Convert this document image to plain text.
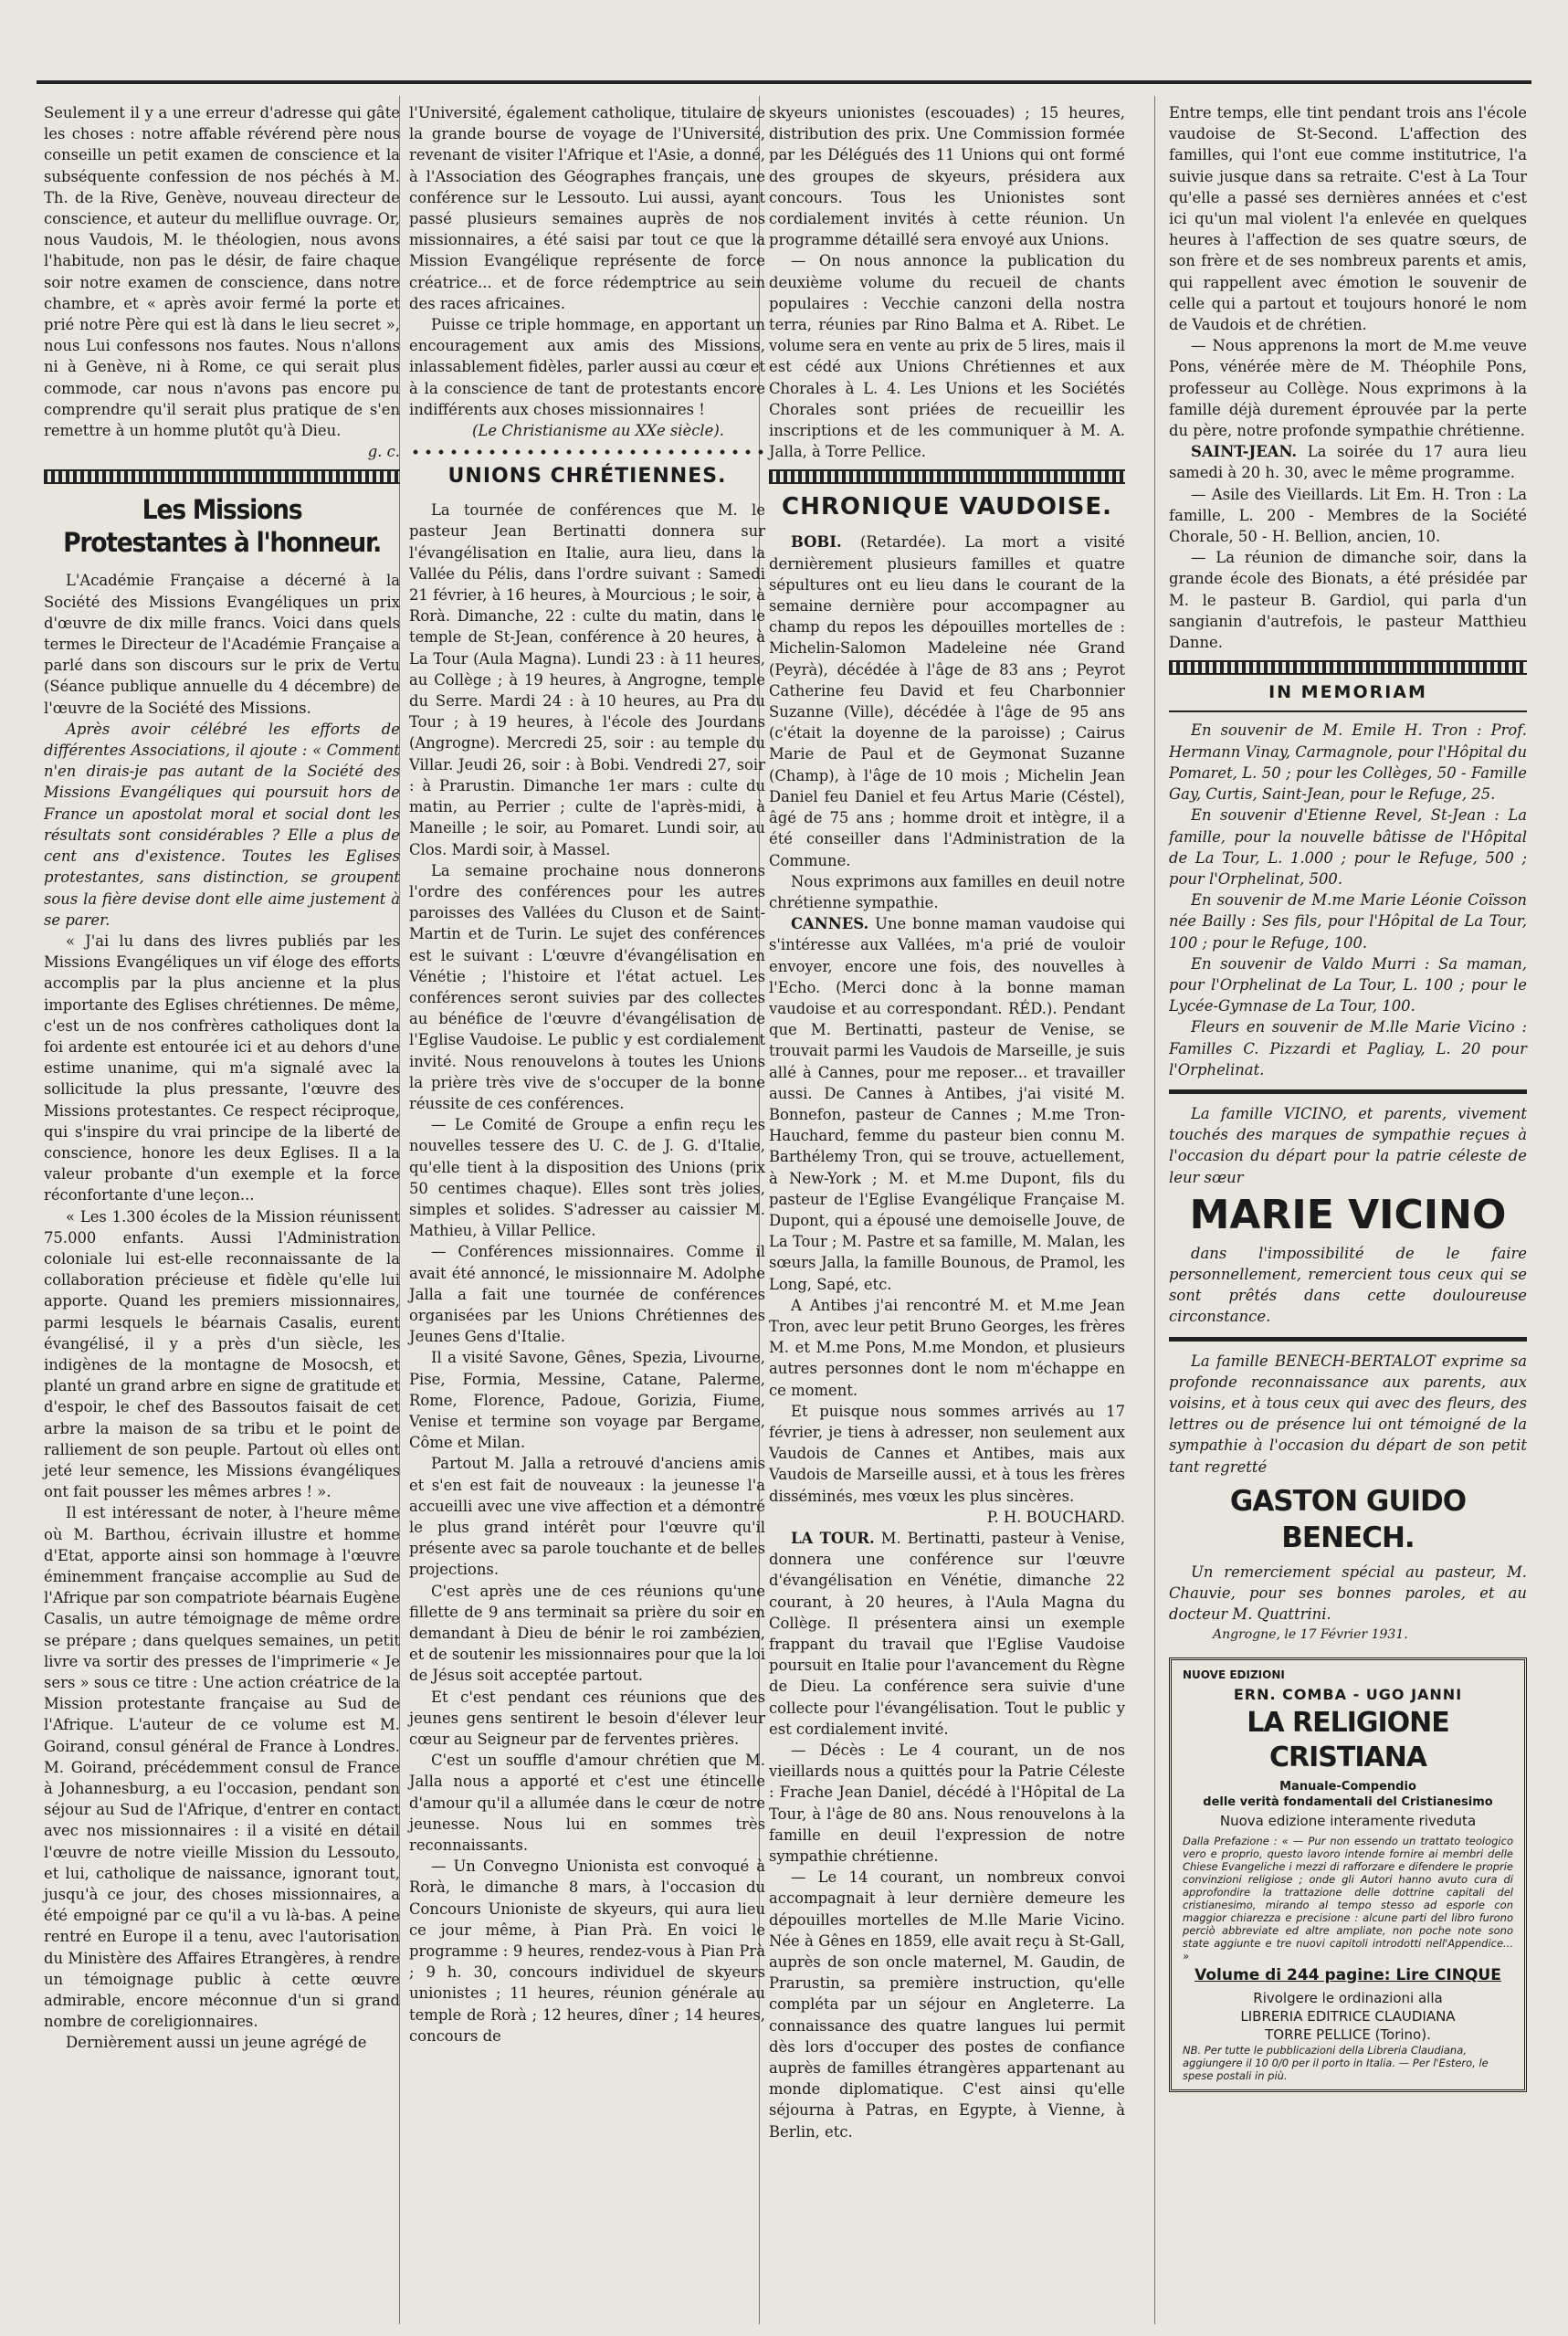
Seulement il y a une erreur d'adresse qui gâte les choses : notre affable révérend père nous conseille un petit examen de conscience et la subséquente confession de nos péchés à M. Th. de la Rive, Genève, nouveau directeur de conscience, et auteur du melliflue ouvrage. Or, nous Vaudois, M. le théologien, nous avons l'habitude, non pas le désir, de faire chaque soir notre examen de conscience, dans notre chambre, et « après avoir fermé la porte et prié notre Père qui est là dans le lieu secret », nous Lui confessons nos fautes. Nous n'allons ni à Genève, ni à Rome, ce qui serait plus commode, car nous n'avons pas encore pu comprendre qu'il serait plus pratique de s'en remettre à un homme plutôt qu'à Dieu.

g. c.

Les Missions Protestantes à l'honneur.

L'Académie Française a décerné à la Société des Missions Evangéliques un prix d'œuvre de dix mille francs. Voici dans quels termes le Directeur de l'Académie Française a parlé dans son discours sur le prix de Vertu (Séance publique annuelle du 4 décembre) de l'œuvre de la Société des Missions.

Après avoir célébré les efforts de différentes Associations, il ajoute : « Comment n'en dirais-je pas autant de la Société des Missions Evangéliques qui poursuit hors de France un apostolat moral et social dont les résultats sont considérables ? Elle a plus de cent ans d'existence. Toutes les Eglises protestantes, sans distinction, se groupent sous la fière devise dont elle aime justement à se parer.

« J'ai lu dans des livres publiés par les Missions Evangéliques un vif éloge des efforts accomplis par la plus ancienne et la plus importante des Eglises chrétiennes. De même, c'est un de nos confrères catholiques dont la foi ardente est entourée ici et au dehors d'une estime unanime, qui m'a signalé avec la sollicitude la plus pressante, l'œuvre des Missions protestantes. Ce respect réciproque, qui s'inspire du vrai principe de la liberté de conscience, honore les deux Eglises. Il a la valeur probante d'un exemple et la force réconfortante d'une leçon...

« Les 1.300 écoles de la Mission réunissent 75.000 enfants. Aussi l'Administration coloniale lui est-elle reconnaissante de la collaboration précieuse et fidèle qu'elle lui apporte. Quand les premiers missionnaires, parmi lesquels le béarnais Casalis, eurent évangélisé, il y a près d'un siècle, les indigènes de la montagne de Mosocsh, et planté un grand arbre en signe de gratitude et d'espoir, le chef des Bassoutos faisait de cet arbre la maison de sa tribu et le point de ralliement de son peuple. Partout où elles ont jeté leur semence, les Missions évangéliques ont fait pousser les mêmes arbres ! ».

Il est intéressant de noter, à l'heure même où M. Barthou, écrivain illustre et homme d'Etat, apporte ainsi son hommage à l'œuvre éminemment française accomplie au Sud de l'Afrique par son compatriote béarnais Eugène Casalis, un autre témoignage de même ordre se prépare ; dans quelques semaines, un petit livre va sortir des presses de l'imprimerie « Je sers » sous ce titre : Une action créatrice de la Mission protestante française au Sud de l'Afrique. L'auteur de ce volume est M. Goirand, consul général de France à Londres. M. Goirand, précédemment consul de France à Johannesburg, a eu l'occasion, pendant son séjour au Sud de l'Afrique, d'entrer en contact avec nos missionnaires : il a visité en détail l'œuvre de notre vieille Mission du Lessouto, et lui, catholique de naissance, ignorant tout, jusqu'à ce jour, des choses missionnaires, a été empoigné par ce qu'il a vu là-bas. A peine rentré en Europe il a tenu, avec l'autorisation du Ministère des Affaires Etrangères, à rendre un témoignage public à cette œuvre admirable, encore méconnue d'un si grand nombre de coreligionnaires.

Dernièrement aussi un jeune agrégé de

l'Université, également catholique, titulaire de la grande bourse de voyage de l'Université, revenant de visiter l'Afrique et l'Asie, a donné, à l'Association des Géographes français, une conférence sur le Lessouto. Lui aussi, ayant passé plusieurs semaines auprès de nos missionnaires, a été saisi par tout ce que la Mission Evangélique représente de force créatrice... et de force rédemptrice au sein des races africaines.

Puisse ce triple hommage, en apportant un encouragement aux amis des Missions, inlassablement fidèles, parler aussi au cœur et à la conscience de tant de protestants encore indifférents aux choses missionnaires !

(Le Christianisme au XXe siècle).

UNIONS CHRÉTIENNES.

La tournée de conférences que M. le pasteur Jean Bertinatti donnera sur l'évangélisation en Italie, aura lieu, dans la Vallée du Pélis, dans l'ordre suivant : Samedi 21 février, à 16 heures, à Mourcious ; le soir, à Rorà. Dimanche, 22 : culte du matin, dans le temple de St-Jean, conférence à 20 heures, à La Tour (Aula Magna). Lundi 23 : à 11 heures, au Collège ; à 19 heures, à Angrogne, temple du Serre. Mardi 24 : à 10 heures, au Pra du Tour ; à 19 heures, à l'école des Jourdans (Angrogne). Mercredi 25, soir : au temple du Villar. Jeudi 26, soir : à Bobi. Vendredi 27, soir : à Prarustin. Dimanche 1er mars : culte du matin, au Perrier ; culte de l'après-midi, à Maneille ; le soir, au Pomaret. Lundi soir, au Clos. Mardi soir, à Massel.

La semaine prochaine nous donnerons l'ordre des conférences pour les autres paroisses des Vallées du Cluson et de Saint-Martin et de Turin. Le sujet des conférences est le suivant : L'œuvre d'évangélisation en Vénétie ; l'histoire et l'état actuel. Les conférences seront suivies par des collectes au bénéfice de l'œuvre d'évangélisation de l'Eglise Vaudoise. Le public y est cordialement invité. Nous renouvelons à toutes les Unions la prière très vive de s'occuper de la bonne réussite de ces conférences.

— Le Comité de Groupe a enfin reçu les nouvelles tessere des U. C. de J. G. d'Italie, qu'elle tient à la disposition des Unions (prix 50 centimes chaque). Elles sont très jolies, simples et solides. S'adresser au caissier M. Mathieu, à Villar Pellice.

— Conférences missionnaires. Comme il avait été annoncé, le missionnaire M. Adolphe Jalla a fait une tournée de conférences organisées par les Unions Chrétiennes des Jeunes Gens d'Italie.

Il a visité Savone, Gênes, Spezia, Livourne, Pise, Formia, Messine, Catane, Palerme, Rome, Florence, Padoue, Gorizia, Fiume, Venise et termine son voyage par Bergame, Côme et Milan.

Partout M. Jalla a retrouvé d'anciens amis et s'en est fait de nouveaux : la jeunesse l'a accueilli avec une vive affection et a démontré le plus grand intérêt pour l'œuvre qu'il présente avec sa parole touchante et de belles projections.

C'est après une de ces réunions qu'une fillette de 9 ans terminait sa prière du soir en demandant à Dieu de bénir le roi zambézien, et de soutenir les missionnaires pour que la loi de Jésus soit acceptée partout.

Et c'est pendant ces réunions que des jeunes gens sentirent le besoin d'élever leur cœur au Seigneur par de ferventes prières.

C'est un souffle d'amour chrétien que M. Jalla nous a apporté et c'est une étincelle d'amour qu'il a allumée dans le cœur de notre jeunesse. Nous lui en sommes très reconnaissants.

— Un Convegno Unionista est convoqué à Rorà, le dimanche 8 mars, à l'occasion du Concours Unioniste de skyeurs, qui aura lieu ce jour même, à Pian Prà. En voici le programme : 9 heures, rendez-vous à Pian Prà ; 9 h. 30, concours individuel de skyeurs unionistes ; 11 heures, réunion générale au temple de Rorà ; 12 heures, dîner ; 14 heures, concours de

skyeurs unionistes (escouades) ; 15 heures, distribution des prix. Une Commission formée par les Délégués des 11 Unions qui ont formé des groupes de skyeurs, présidera aux concours. Tous les Unionistes sont cordialement invités à cette réunion. Un programme détaillé sera envoyé aux Unions.

— On nous annonce la publication du deuxième volume du recueil de chants populaires : Vecchie canzoni della nostra terra, réunies par Rino Balma et A. Ribet. Le volume sera en vente au prix de 5 lires, mais il est cédé aux Unions Chrétiennes et aux Chorales à L. 4. Les Unions et les Sociétés Chorales sont priées de recueillir les inscriptions et de les communiquer à M. A. Jalla, à Torre Pellice.

CHRONIQUE VAUDOISE.

BOBI. (Retardée). La mort a visité dernièrement plusieurs familles et quatre sépultures ont eu lieu dans le courant de la semaine dernière pour accompagner au champ du repos les dépouilles mortelles de : Michelin-Salomon Madeleine née Grand (Peyrà), décédée à l'âge de 83 ans ; Peyrot Catherine feu David et feu Charbonnier Suzanne (Ville), décédée à l'âge de 95 ans (c'était la doyenne de la paroisse) ; Cairus Marie de Paul et de Geymonat Suzanne (Champ), à l'âge de 10 mois ; Michelin Jean Daniel feu Daniel et feu Artus Marie (Céstel), âgé de 75 ans ; homme droit et intègre, il a été conseiller dans l'Administration de la Commune.

Nous exprimons aux familles en deuil notre chrétienne sympathie.

CANNES. Une bonne maman vaudoise qui s'intéresse aux Vallées, m'a prié de vouloir envoyer, encore une fois, des nouvelles à l'Echo. (Merci donc à la bonne maman vaudoise et au correspondant. RÉD.). Pendant que M. Bertinatti, pasteur de Venise, se trouvait parmi les Vaudois de Marseille, je suis allé à Cannes, pour me reposer... et travailler aussi. De Cannes à Antibes, j'ai visité M. Bonnefon, pasteur de Cannes ; M.me Tron-Hauchard, femme du pasteur bien connu M. Barthélemy Tron, qui se trouve, actuellement, à New-York ; M. et M.me Dupont, fils du pasteur de l'Eglise Evangélique Française M. Dupont, qui a épousé une demoiselle Jouve, de La Tour ; M. Pastre et sa famille, M. Malan, les sœurs Jalla, la famille Bounous, de Pramol, les Long, Sapé, etc.

A Antibes j'ai rencontré M. et M.me Jean Tron, avec leur petit Bruno Georges, les frères M. et M.me Pons, M.me Mondon, et plusieurs autres personnes dont le nom m'échappe en ce moment.

Et puisque nous sommes arrivés au 17 février, je tiens à adresser, non seulement aux Vaudois de Cannes et Antibes, mais aux Vaudois de Marseille aussi, et à tous les frères disséminés, mes vœux les plus sincères.

P. H. BOUCHARD.

LA TOUR. M. Bertinatti, pasteur à Venise, donnera une conférence sur l'œuvre d'évangélisation en Vénétie, dimanche 22 courant, à 20 heures, à l'Aula Magna du Collège. Il présentera ainsi un exemple frappant du travail que l'Eglise Vaudoise poursuit en Italie pour l'avancement du Règne de Dieu. La conférence sera suivie d'une collecte pour l'évangélisation. Tout le public y est cordialement invité.

— Décès : Le 4 courant, un de nos vieillards nous a quittés pour la Patrie Céleste : Frache Jean Daniel, décédé à l'Hôpital de La Tour, à l'âge de 80 ans. Nous renouvelons à la famille en deuil l'expression de notre sympathie chrétienne.

— Le 14 courant, un nombreux convoi accompagnait à leur dernière demeure les dépouilles mortelles de M.lle Marie Vicino. Née à Gênes en 1859, elle avait reçu à St-Gall, auprès de son oncle maternel, M. Gaudin, de Prarustin, sa première instruction, qu'elle compléta par un séjour en Angleterre. La connaissance des quatre langues lui permit dès lors d'occuper des postes de confiance auprès de familles étrangères appartenant au monde diplomatique. C'est ainsi qu'elle séjourna à Patras, en Egypte, à Vienne, à Berlin, etc.

Entre temps, elle tint pendant trois ans l'école vaudoise de St-Second. L'affection des familles, qui l'ont eue comme institutrice, l'a suivie jusque dans sa retraite. C'est à La Tour qu'elle a passé ses dernières années et c'est ici qu'un mal violent l'a enlevée en quelques heures à l'affection de ses quatre sœurs, de son frère et de ses nombreux parents et amis, qui rappellent avec émotion le souvenir de celle qui a partout et toujours honoré le nom de Vaudois et de chrétien.

— Nous apprenons la mort de M.me veuve Pons, vénérée mère de M. Théophile Pons, professeur au Collège. Nous exprimons à la famille déjà durement éprouvée par la perte du père, notre profonde sympathie chrétienne.

SAINT-JEAN. La soirée du 17 aura lieu samedi à 20 h. 30, avec le même programme.

— Asile des Vieillards. Lit Em. H. Tron : La famille, L. 200 - Membres de la Société Chorale, 50 - H. Bellion, ancien, 10.

— La réunion de dimanche soir, dans la grande école des Bionats, a été présidée par M. le pasteur B. Gardiol, qui parla d'un sangianin d'autrefois, le pasteur Matthieu Danne.

IN MEMORIAM

En souvenir de M. Emile H. Tron : Prof. Hermann Vinay, Carmagnole, pour l'Hôpital du Pomaret, L. 50 ; pour les Collèges, 50 - Famille Gay, Curtis, Saint-Jean, pour le Refuge, 25.

En souvenir d'Etienne Revel, St-Jean : La famille, pour la nouvelle bâtisse de l'Hôpital de La Tour, L. 1.000 ; pour le Refuge, 500 ; pour l'Orphelinat, 500.

En souvenir de M.me Marie Léonie Coïsson née Bailly : Ses fils, pour l'Hôpital de La Tour, 100 ; pour le Refuge, 100.

En souvenir de Valdo Murri : Sa maman, pour l'Orphelinat de La Tour, L. 100 ; pour le Lycée-Gymnase de La Tour, 100.

Fleurs en souvenir de M.lle Marie Vicino : Familles C. Pizzardi et Pagliay, L. 20 pour l'Orphelinat.

La famille VICINO, et parents, vivement touchés des marques de sympathie reçues à l'occasion du départ pour la patrie céleste de leur sœur

MARIE VICINO

dans l'impossibilité de le faire personnellement, remercient tous ceux qui se sont prêtés dans cette douloureuse circonstance.

La famille BENECH-BERTALOT exprime sa profonde reconnaissance aux parents, aux voisins, et à tous ceux qui avec des fleurs, des lettres ou de présence lui ont témoigné de la sympathie à l'occasion du départ de son petit tant regretté

GASTON GUIDO BENECH.

Un remerciement spécial au pasteur, M. Chauvie, pour ses bonnes paroles, et au docteur M. Quattrini.

Angrogne, le 17 Février 1931.

NUOVE EDIZIONI
ERN. COMBA - UGO JANNI
LA RELIGIONE CRISTIANA
Manuale-Compendio
delle verità fondamentali del Cristianesimo
Nuova edizione interamente riveduta
Dalla Prefazione : « — Pur non essendo un trattato teologico vero e proprio, questo lavoro intende fornire ai membri delle Chiese Evangeliche i mezzi di rafforzare e difendere le proprie convinzioni religiose ; onde gli Autori hanno avuto cura di approfondire la trattazione delle dottrine capitali del cristianesimo, mirando al tempo stesso ad esporle con maggior chiarezza e precisione : alcune parti del libro furono perciò abbreviate ed altre ampliate, non poche note sono state aggiunte e tre nuovi capitoli introdotti nell'Appendice... »
Volume di 244 pagine: Lire CINQUE
Rivolgere le ordinazioni alla
LIBRERIA EDITRICE CLAUDIANA
TORRE PELLICE (Torino).
NB. Per tutte le pubblicazioni della Libreria Claudiana, aggiungere il 10 0/0 per il porto in Italia. — Per l'Estero, le spese postali in più.
